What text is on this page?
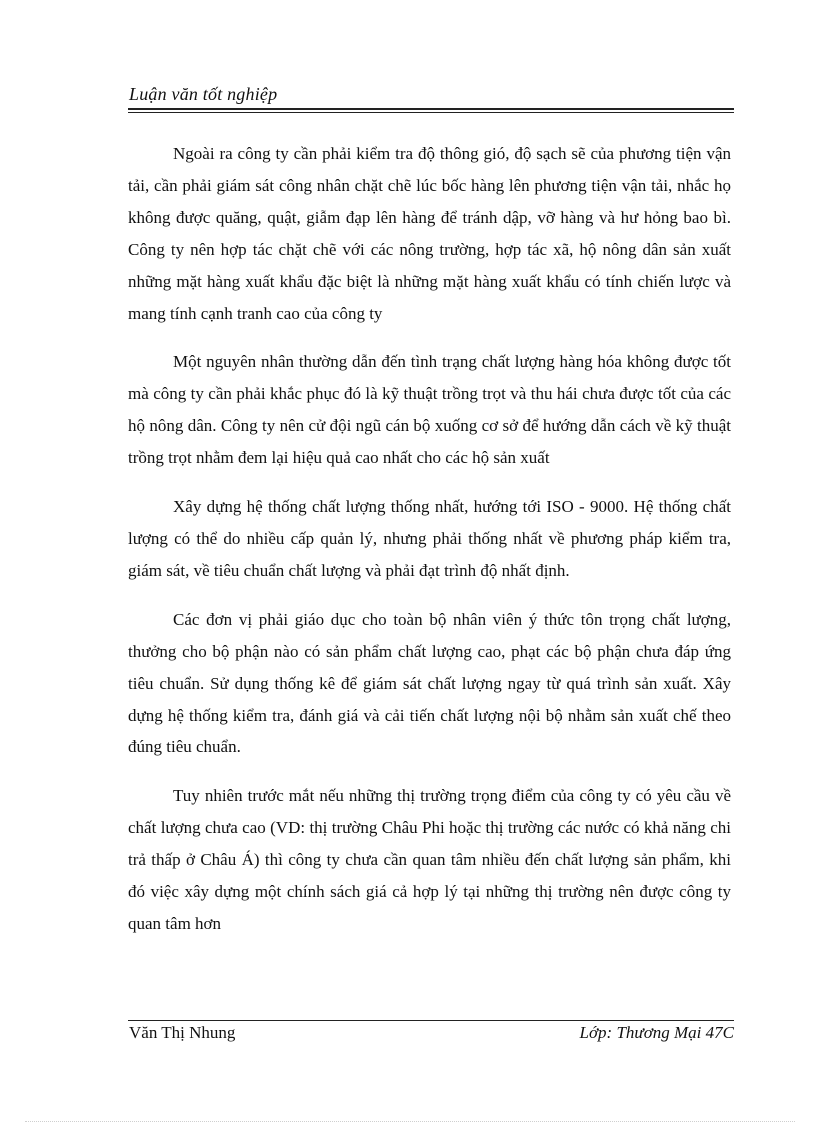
Luận văn tốt nghiệp

Ngoài ra công ty cần phải kiểm tra độ thông gió, độ sạch sẽ của phương tiện vận tải, cần phải giám sát công nhân chặt chẽ lúc bốc hàng lên phương tiện vận tải, nhắc họ không được quăng, quật, giẫm đạp lên hàng để tránh dập, vỡ hàng và hư hỏng bao bì. Công ty nên hợp tác chặt chẽ với các nông trường, hợp tác xã, hộ nông dân sản xuất những mặt hàng xuất khẩu đặc biệt là những mặt hàng xuất khẩu có tính chiến lược và mang tính cạnh tranh cao của công ty

Một nguyên nhân thường dẫn đến tình trạng chất lượng hàng hóa không được tốt mà công ty cần phải khắc phục đó là kỹ thuật trồng trọt và thu hái chưa được tốt của các hộ nông dân. Công ty nên cử đội ngũ cán bộ xuống cơ sở để hướng dẫn cách về kỹ thuật trồng trọt nhằm đem lại hiệu quả cao nhất cho các hộ sản xuất

Xây dựng hệ thống chất lượng thống nhất, hướng tới ISO - 9000. Hệ thống chất lượng có thể do nhiều cấp quản lý, nhưng phải thống nhất về phương pháp kiểm tra, giám sát, về tiêu chuẩn chất lượng và phải đạt trình độ nhất định.

Các đơn vị phải giáo dục cho toàn bộ nhân viên ý thức tôn trọng chất lượng, thưởng cho bộ phận nào có sản phẩm chất lượng cao, phạt các bộ phận chưa đáp ứng tiêu chuẩn. Sử dụng thống kê để giám sát chất lượng ngay từ quá trình sản xuất. Xây dựng hệ thống kiểm tra, đánh giá và cải tiến chất lượng nội bộ nhằm sản xuất chế theo đúng tiêu chuẩn.

Tuy nhiên trước mắt nếu những thị trường trọng điểm của công ty có yêu cầu về chất lượng chưa cao (VD: thị trường Châu Phi hoặc thị trường các nước có khả năng chi trả thấp ở Châu Á) thì công ty chưa cần quan tâm nhiều đến chất lượng sản phẩm, khi đó việc xây dựng một chính sách giá cả hợp lý tại những thị trường nên được công ty quan tâm hơn

Văn Thị Nhung	Lớp: Thương Mại 47C
